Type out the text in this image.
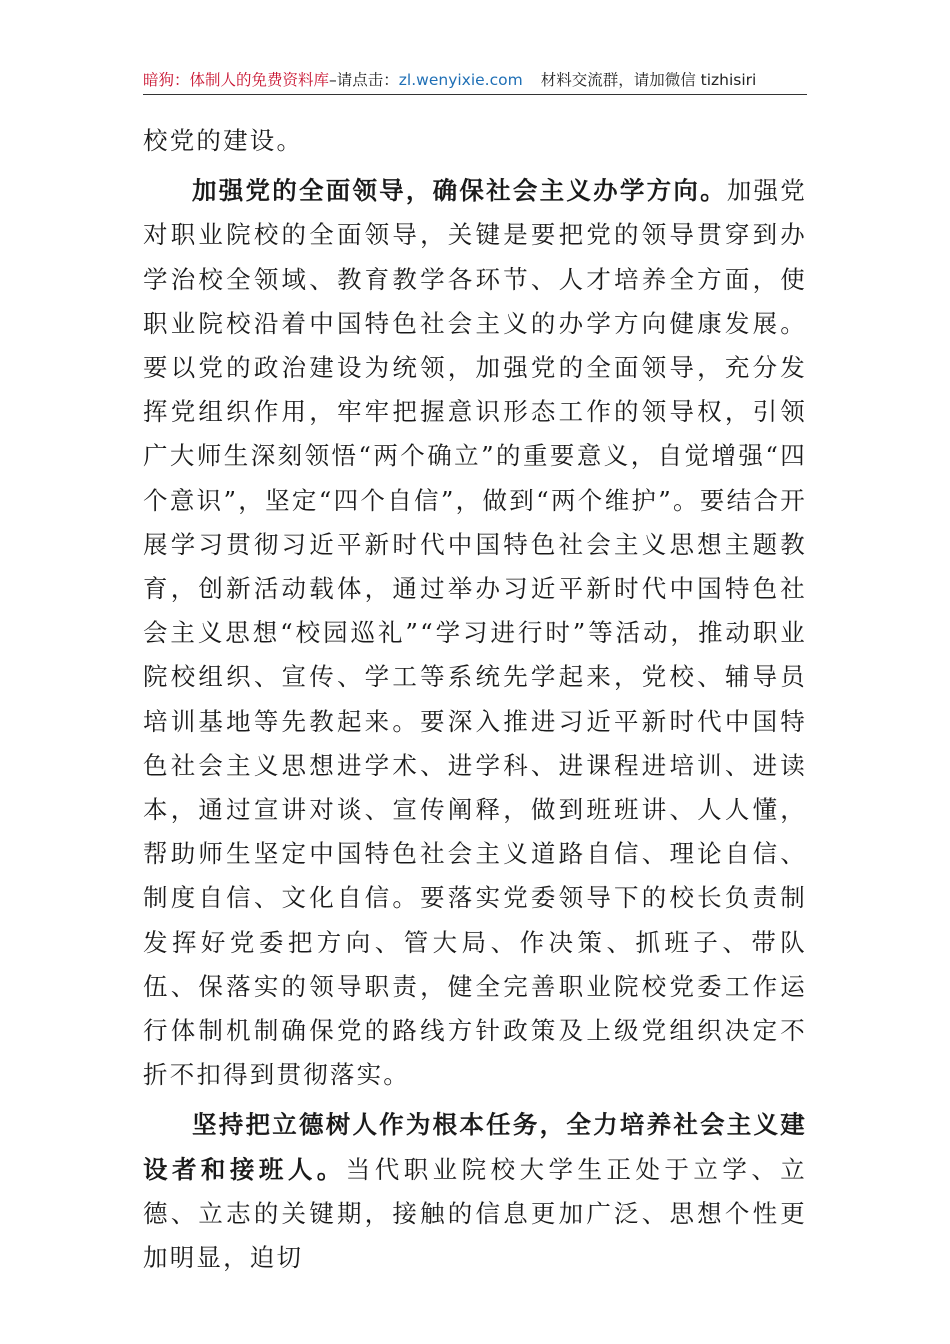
暗狗：体制人的免费资料库–请点击：zl.wenyixie.com 材料交流群，请加微信 tizhisiri

校党的建设。

加强党的全面领导，确保社会主义办学方向。加强党对职业院校的全面领导，关键是要把党的领导贯穿到办学治校全领域、教育教学各环节、人才培养全方面，使职业院校沿着中国特色社会主义的办学方向健康发展。要以党的政治建设为统领，加强党的全面领导，充分发挥党组织作用，牢牢把握意识形态工作的领导权，引领广大师生深刻领悟“两个确立”的重要意义，自觉增强“四个意识”，坚定“四个自信”，做到“两个维护”。要结合开展学习贯彻习近平新时代中国特色社会主义思想主题教育，创新活动载体，通过举办习近平新时代中国特色社会主义思想“校园巡礼”“学习进行时”等活动，推动职业院校组织、宣传、学工等系统先学起来，党校、辅导员培训基地等先教起来。要深入推进习近平新时代中国特色社会主义思想进学术、进学科、进课程进培训、进读本，通过宣讲对谈、宣传阐释，做到班班讲、人人懂，帮助师生坚定中国特色社会主义道路自信、理论自信、制度自信、文化自信。要落实党委领导下的校长负责制发挥好党委把方向、管大局、作决策、抓班子、带队伍、保落实的领导职责，健全完善职业院校党委工作运行体制机制确保党的路线方针政策及上级党组织决定不折不扣得到贯彻落实。

坚持把立德树人作为根本任务，全力培养社会主义建设者和接班人。当代职业院校大学生正处于立学、立德、立志的关键期，接触的信息更加广泛、思想个性更加明显，迫切
